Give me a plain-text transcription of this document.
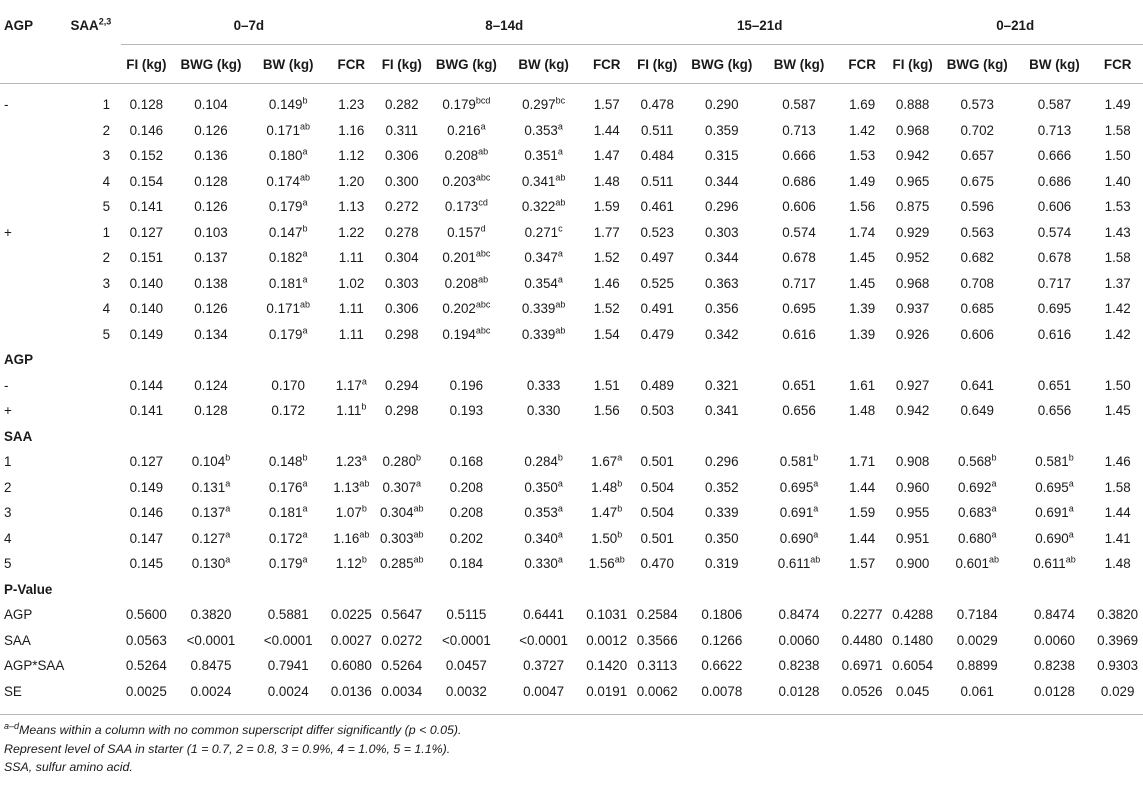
AGP	SAA$^{2,3}$	0–7d				8–14d				15–21d				0–21d			
		FI (kg)	BWG (kg)	BW (kg)	FCR	FI (kg)	BWG (kg)	BW (kg)	FCR	FI (kg)	BWG (kg)	BW (kg)	FCR	FI (kg)	BWG (kg)	BW (kg)	FCR
-	1	0.128	0.104	0.149$^b$	1.23	0.282	0.179$^{bcd}$	0.297$^{bc}$	1.57	0.478	0.290	0.587	1.69	0.888	0.573	0.587	1.49
	2	0.146	0.126	0.171$^{ab}$	1.16	0.311	0.216$^a$	0.353$^a$	1.44	0.511	0.359	0.713	1.42	0.968	0.702	0.713	1.58
	3	0.152	0.136	0.180$^a$	1.12	0.306	0.208$^{ab}$	0.351$^a$	1.47	0.484	0.315	0.666	1.53	0.942	0.657	0.666	1.50
	4	0.154	0.128	0.174$^{ab}$	1.20	0.300	0.203$^{abc}$	0.341$^{ab}$	1.48	0.511	0.344	0.686	1.49	0.965	0.675	0.686	1.40
	5	0.141	0.126	0.179$^a$	1.13	0.272	0.173$^{cd}$	0.322$^{ab}$	1.59	0.461	0.296	0.606	1.56	0.875	0.596	0.606	1.53
+	1	0.127	0.103	0.147$^b$	1.22	0.278	0.157$^d$	0.271$^c$	1.77	0.523	0.303	0.574	1.74	0.929	0.563	0.574	1.43
	2	0.151	0.137	0.182$^a$	1.11	0.304	0.201$^{abc}$	0.347$^a$	1.52	0.497	0.344	0.678	1.45	0.952	0.682	0.678	1.58
	3	0.140	0.138	0.181$^a$	1.02	0.303	0.208$^{ab}$	0.354$^a$	1.46	0.525	0.363	0.717	1.45	0.968	0.708	0.717	1.37
	4	0.140	0.126	0.171$^{ab}$	1.11	0.306	0.202$^{abc}$	0.339$^{ab}$	1.52	0.491	0.356	0.695	1.39	0.937	0.685	0.695	1.42
	5	0.149	0.134	0.179$^a$	1.11	0.298	0.194$^{abc}$	0.339$^{ab}$	1.54	0.479	0.342	0.616	1.39	0.926	0.606	0.616	1.42
AGP																	
-		0.144	0.124	0.170	1.17$^a$	0.294	0.196	0.333	1.51	0.489	0.321	0.651	1.61	0.927	0.641	0.651	1.50
+		0.141	0.128	0.172	1.11$^b$	0.298	0.193	0.330	1.56	0.503	0.341	0.656	1.48	0.942	0.649	0.656	1.45
SAA																	
1		0.127	0.104$^b$	0.148$^b$	1.23$^a$	0.280$^b$	0.168	0.284$^b$	1.67$^a$	0.501	0.296	0.581$^b$	1.71	0.908	0.568$^b$	0.581$^b$	1.46
2		0.149	0.131$^a$	0.176$^a$	1.13$^{ab}$	0.307$^a$	0.208	0.350$^a$	1.48$^b$	0.504	0.352	0.695$^a$	1.44	0.960	0.692$^a$	0.695$^a$	1.58
3		0.146	0.137$^a$	0.181$^a$	1.07$^b$	0.304$^{ab}$	0.208	0.353$^a$	1.47$^b$	0.504	0.339	0.691$^a$	1.59	0.955	0.683$^a$	0.691$^a$	1.44
4		0.147	0.127$^a$	0.172$^a$	1.16$^{ab}$	0.303$^{ab}$	0.202	0.340$^a$	1.50$^b$	0.501	0.350	0.690$^a$	1.44	0.951	0.680$^a$	0.690$^a$	1.41
5		0.145	0.130$^a$	0.179$^a$	1.12$^b$	0.285$^{ab}$	0.184	0.330$^a$	1.56$^{ab}$	0.470	0.319	0.611$^{ab}$	1.57	0.900	0.601$^{ab}$	0.611$^{ab}$	1.48
P-Value																	
AGP		0.5600	0.3820	0.5881	0.0225	0.5647	0.5115	0.6441	0.1031	0.2584	0.1806	0.8474	0.2277	0.4288	0.7184	0.8474	0.3820
SAA		0.0563	<0.0001	<0.0001	0.0027	0.0272	<0.0001	<0.0001	0.0012	0.3566	0.1266	0.0060	0.4480	0.1480	0.0029	0.0060	0.3969
AGP*SAA		0.5264	0.8475	0.7941	0.6080	0.5264	0.0457	0.3727	0.1420	0.3113	0.6622	0.8238	0.6971	0.6054	0.8899	0.8238	0.9303
SE		0.0025	0.0024	0.0024	0.0136	0.0034	0.0032	0.0047	0.0191	0.0062	0.0078	0.0128	0.0526	0.045	0.061	0.0128	0.029
$^{a-d}$Means within a column with no common superscript differ significantly (p < 0.05).
Represent level of SAA in starter (1 = 0.7, 2 = 0.8, 3 = 0.9%, 4 = 1.0%, 5 = 1.1%).
SSA, sulfur amino acid.
